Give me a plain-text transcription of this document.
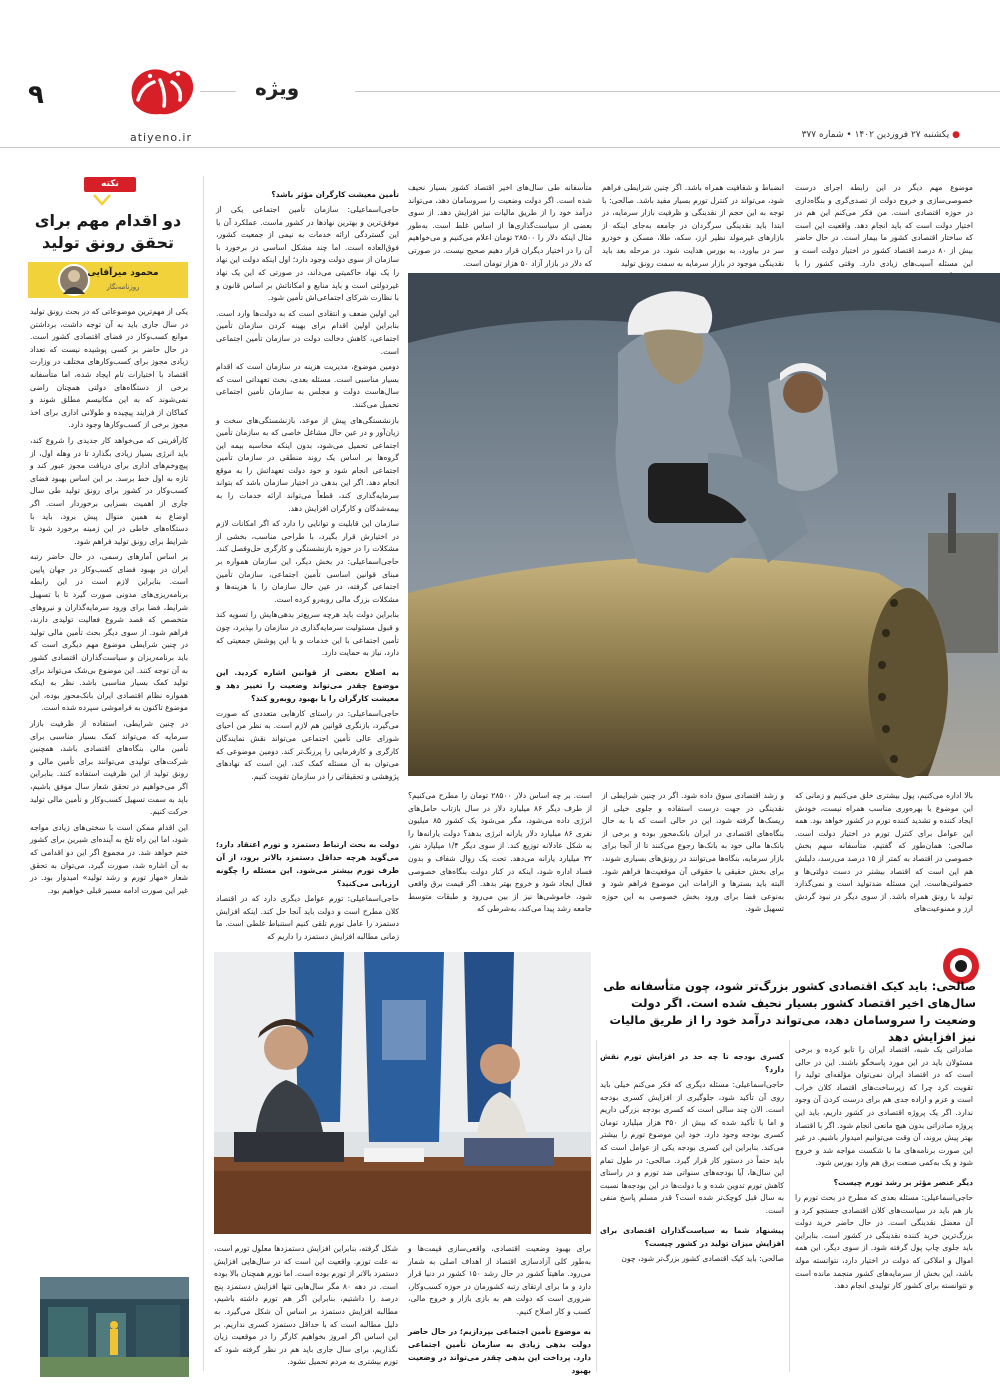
۹
atiyeno.ir
ویژه
● یکشنبه ۲۷ فروردین ۱۴۰۲ • شماره ۳۷۷
نکته
دو اقدام مهم برای تحقق رونق تولید
محمود میرآقایی
روزنامه‌نگار

یکی از مهم‌ترین موضوعاتی که در بحث رونق تولید در سال جاری باید به آن توجه داشت، برداشتن موانع کسب‌وکار در فضای اقتصادی کشور است. در حال حاضر بر کسی پوشیده نیست که تعداد زیادی مجوز برای کسب‌وکارهای مختلف در وزارت اقتصاد با اختیارات تام ایجاد شده، اما متأسفانه برخی از دستگاه‌های دولتی همچنان راضی نمی‌شوند که به این مکانیسم مطلق شوند و کماکان از فرایند پیچیده و طولانی اداری برای اخذ مجوز برخی از کسب‌وکارها وجود دارد.

کارآفرینی که می‌خواهد کار جدیدی را شروع کند، باید انرژی بسیار زیادی بگذارد تا در وهله اول، از پیچ‌وخم‌های اداری برای دریافت مجوز عبور کند و تازه به اول خط برسد. بر این اساس بهبود فضای کسب‌وکار در کشور برای رونق تولید طی سال جاری از اهمیت بسزایی برخوردار است. اگر اوضاع به همین منوال پیش برود، باید با دستگاه‌های خاطی در این زمینه برخورد شود تا شرایط برای رونق تولید فراهم شود.

بر اساس آمارهای رسمی، در حال حاضر رتبه ایران در بهبود فضای کسب‌وکار در جهان پایین است. بنابراین لازم است در این رابطه برنامه‌ریزی‌های مدونی صورت گیرد تا با تسهیل شرایط، فضا برای ورود سرمایه‌گذاران و نیروهای متخصص که قصد شروع فعالیت تولیدی دارند، فراهم شود. از سوی دیگر بحث تأمین مالی تولید در چنین شرایطی موضوع مهم دیگری است که باید برنامه‌ریزان و سیاست‌گذاران اقتصادی کشور به آن توجه کنند. این موضوع بی‌شک می‌تواند برای تولید کمک بسیار مناسبی باشد. نظر به اینکه همواره نظام اقتصادی ایران بانک‌محور بوده، این موضوع تاکنون به فراموشی سپرده شده است.

در چنین شرایطی، استفاده از ظرفیت بازار سرمایه که می‌تواند کمک بسیار مناسبی برای تأمین مالی بنگاه‌های اقتصادی باشد، همچنین شرکت‌های تولیدی می‌توانند برای تأمین مالی و رونق تولید از این ظرفیت استفاده کنند. بنابراین اگر می‌خواهیم در تحقق شعار سال موفق باشیم، باید به سمت تسهیل کسب‌وکار و تأمین مالی تولید حرکت کنیم.

این اقدام ممکن است با سختی‌های زیادی مواجه شود، اما این راه تلخ به آینده‌ای شیرین برای کشور ختم خواهد شد. در مجموع اگر این دو اقدامی که به آن اشاره شد، صورت گیرد، می‌توان به تحقق شعار «مهار تورم و رشد تولید» امیدوار بود. در غیر این صورت ادامه مسیر قبلی خواهیم بود.

موضوع مهم دیگر در این رابطه اجرای درست خصوصی‌سازی و خروج دولت از تصدی‌گری و بنگاه‌داری در حوزه اقتصادی است. من فکر می‌کنم این هم در اختیار دولت است که باید انجام دهد. واقعیت این است که ساختار اقتصادی کشور ما بیمار است. در حال حاضر بیش از ۸۰ درصد اقتصاد کشور در اختیار دولت است و این مسئله آسیب‌های زیادی دارد. وقتی کشور را با

انضباط و شفافیت همراه باشد. اگر چنین شرایطی فراهم شود، می‌تواند در کنترل تورم بسیار مفید باشد. صالحی: با توجه به این حجم از نقدینگی و ظرفیت بازار سرمایه، در ابتدا باید نقدینگی سرگردان در جامعه به‌جای اینکه از بازارهای غیرمولد نظیر ارز، سکه، طلا، مسکن و خودرو سر در بیاورد، به بورس هدایت شود. در مرحله بعد باید نقدینگی موجود در بازار سرمایه به سمت رونق تولید

متأسفانه طی سال‌های اخیر اقتصاد کشور بسیار نحیف شده است. اگر دولت وضعیت را سروسامان دهد، می‌تواند درآمد خود را از طریق مالیات نیز افزایش دهد. از سوی بعضی از سیاست‌گذاری‌ها از اساس غلط است. به‌طور مثال اینکه دلار را ۲۸۵۰۰ تومان اعلام می‌کنیم و می‌خواهیم آن را در اختیار دیگران قرار دهیم صحیح نیست. در صورتی که دلار در بازار آزاد ۵۰ هزار تومان است.

تأمین معیشت کارگران مؤثر باشد؟

حاجی‌اسماعیلی: سازمان تأمین اجتماعی یکی از موفق‌ترین و بهترین نهادها در کشور ماست. عملکرد آن با این گستردگی ارائه خدمات به نیمی از جمعیت کشور، فوق‌العاده است. اما چند مشکل اساسی در برخورد با سازمان از سوی دولت وجود دارد؛ اول اینکه دولت این نهاد را یک نهاد حاکمیتی می‌داند، در صورتی که این یک نهاد غیردولتی است و باید منابع و امکاناتش بر اساس قانون و با نظارت شرکای اجتماعی‌اش تأمین شود.

این اولین ضعف و انتقادی است که به دولت‌ها وارد است. بنابراین اولین اقدام برای بهینه کردن سازمان تأمین اجتماعی، کاهش دخالت دولت در سازمان تأمین اجتماعی است.

دومین موضوع، مدیریت هزینه در سازمان است که اقدام بسیار مناسبی است. مسئله بعدی، بحث تعهداتی است که سال‌هاست دولت و مجلس به سازمان تأمین اجتماعی تحمیل می‌کنند.

بازنشستگی‌های پیش از موعد، بازنشستگی‌های سخت و زیان‌آور و در عین حال مشاغل خاصی که به سازمان تأمین اجتماعی تحمیل می‌شود، بدون اینکه محاسبه بیمه این گروه‌ها بر اساس یک روند منطقی در سازمان تأمین اجتماعی انجام شود و خود دولت تعهداتش را به موقع انجام دهد. اگر این بدهی در اختیار سازمان باشد که بتواند سرمایه‌گذاری کند، قطعاً می‌تواند ارائه خدمات را به بیمه‌شدگان و کارگران افزایش دهد.

سازمان این قابلیت و توانایی را دارد که اگر امکانات لازم در اختیارش قرار بگیرد، با طراحی مناسب، بخشی از مشکلات را در حوزه بازنشستگی و کارگری حل‌وفصل کند. حاجی‌اسماعیلی: در بخش دیگر، این سازمان همواره بر مبنای قوانین اساسی تأمین اجتماعی، سازمان تأمین اجتماعی گرفته، در عین حال سازمان را با هزینه‌ها و مشکلات بزرگ مالی روبه‌رو کرده است.

بنابراین دولت باید هرچه سریع‌تر بدهی‌هایش را تسویه کند و قبول مسئولیت سرمایه‌گذاری در سازمان را بپذیرد، چون تأمین اجتماعی با این خدمات و با این پوشش جمعیتی که دارد، نیاز به حمایت دارد.

به اصلاح بعضی از قوانین اشاره کردید. این موضوع چقدر می‌تواند وضعیت را تغییر دهد و معیشت کارگران را با بهبود روبه‌رو کند؟

حاجی‌اسماعیلی: در راستای کارهایی متعددی که صورت می‌گیرد، بازنگری قوانین هم لازم است. به نظر من احیای شورای عالی تأمین اجتماعی می‌تواند نقش نمایندگان کارگری و کارفرمایی را پررنگ‌تر کند. دومین موضوعی که می‌توان به آن مسئله کمک کند، این است که نهادهای پژوهشی و تحقیقاتی را در سازمان تقویت کنیم.

دولت به بحث ارتباط دستمزد و تورم اعتقاد دارد؛ می‌گوید هرچه حداقل دستمزد بالاتر برود، از آن طرف تورم بیشتر می‌شود. این مسئله را چگونه ارزیابی می‌کنید؟

حاجی‌اسماعیلی: تورم عوامل دیگری دارد که در اقتصاد کلان مطرح است و دولت باید آنجا حل کند. اینکه افزایش دستمزد را عامل تورم تلقی کنیم استنباط غلطی است. ما زمانی مطالبه افزایش دستمزد را داریم که

بالا اداره می‌کنیم، پول بیشتری خلق می‌کنیم و زمانی که این موضوع با بهره‌وری مناسب همراه نیست، خودش ایجاد کننده و تشدید کننده تورم در کشور خواهد بود. همه این عوامل برای کنترل تورم در اختیار دولت است. صالحی: همان‌طور که گفتیم، متأسفانه سهم بخش خصوصی در اقتصاد به کمتر از ۱۵ درصد می‌رسد، دلیلش هم این است که اقتصاد بیشتر در دست دولتی‌ها و خصولتی‌هاست. این مسئله ضدتولید است و نمی‌گذارد تولید با رونق همراه باشد. از سوی دیگر در نبود گردش ارز و ممنوعیت‌های

و رشد اقتصادی سوق داده شود. اگر در چنین شرایطی از نقدینگی در جهت درست استفاده و جلوی خیلی از ریسک‌ها گرفته شود، این در حالی است که با به حال بنگاه‌های اقتصادی در ایران بانک‌محور بوده و برخی از بانک‌ها مالی خود به بانک‌ها رجوع می‌کنند تا از آنجا برای بازار سرمایه، بنگاه‌ها می‌توانند در رونق‌های بسیاری شوند، برای بخش حقیقی یا حقوقی آن موقعیت‌ها فراهم شود. البته باید بستر‌ها و الزامات این موضوع فراهم شود و به‌نوعی فضا برای ورود بخش خصوصی به این حوزه تسهیل شود.

است. بر چه اساس دلار ۲۸۵۰۰ تومان را مطرح می‌کنیم؟ از طرف دیگر ۸۶ میلیارد دلار در سال بازتاب حامل‌های انرژی داده می‌شود، مگر می‌شود یک کشور ۸۵ میلیون نفری ۸۶ میلیارد دلار یارانه انرژی بدهد؟ دولت یارانه‌ها را به شکل عادلانه توزیع کند. از سوی دیگر ۱/۴ میلیارد نفر، ۳۲ میلیارد یارانه می‌دهد. تحت یک روال شفاف و بدون فساد اداره شود، اینکه در کنار دولت بنگاه‌های خصوصی فعال ایجاد شود و خروج بهتر بدهد. اگر قیمت برق واقعی شود، خاموشی‌ها نیز از بین می‌رود و طبقات متوسط جامعه رشد پیدا می‌کند، به‌شرطی که

صالحی: باید کیک اقتصادی کشور بزرگ‌تر شود، چون متأسفانه طی سال‌های اخیر اقتصاد کشور بسیار نحیف شده است. اگر دولت وضعیت را سروسامان دهد، می‌تواند درآمد خود را از طریق مالیات نیز افزایش دهد

صادراتی یک شبه، اقتصاد ایران را تابو کرده و برخی مسئولان باید در این مورد پاسخگو باشند. این در حالی است که در اقتصاد ایران نمی‌توان مؤلفه‌ای تولید را تقویت کرد چرا که زیرساخت‌های اقتصاد کلان خراب است و عزم و اراده جدی هم برای درست کردن آن وجود ندارد. اگر یک پروژه اقتصادی در کشور داریم، باید این پروژه صادراتی بدون هیچ مانعی انجام شود. اگر با اقتصاد بهتر پیش بروند، آن وقت می‌توانیم امیدوار باشیم. در غیر این صورت برنامه‌های ما با شکست مواجه شد و خروج شود و یک به‌کمی صنعت برق هم وارد بورس شود.

دیگر عنصر مؤثر بر رشد تورم چیست؟

حاجی‌اسماعیلی: مسئله بعدی که مطرح در بحث تورم را باز هم باید در سیاست‌های کلان اقتصادی جستجو کرد و آن معضل نقدینگی است. در حال حاضر خرید دولت بزرگ‌ترین خرید کننده نقدینگی در کشور است. بنابراین باید جلوی چاپ پول گرفته شود. از سوی دیگر، این همه اموال و املاکی که دولت در اختیار دارد، نتوانسته مولد باشد، این بخش از سرمایه‌های کشور منجمد مانده است و نتوانسته برای کشور کار تولیدی انجام دهد.

کسری بودجه تا چه حد در افزایش تورم نقش دارد؟

حاجی‌اسماعیلی: مسئله دیگری که فکر می‌کنم خیلی باید روی آن تأکید شود، جلوگیری از افزایش کسری بودجه است. الان چند سالی است که کسری بودجه بزرگی داریم و اما با تأکید شده که بیش از ۳۵۰ هزار میلیارد تومان کسری بودجه وجود دارد. خود این موضوع تورم را بیشتر می‌کند. بنابراین این کسری بودجه یکی از عوامل است که باید حتماً در دستور کار قرار گیرد. صالحی: در طول تمام این سال‌ها، آیا بودجه‌های سنواتی ضد تورم و در راستای کاهش تورم تدوین شده و با دولت‌ها در این بودجه‌ها نسبت به سال قبل کوچک‌تر شده است؟ قدر مسلم پاسخ منفی است.

پیشنهاد شما به سیاست‌گذاران اقتصادی برای افزایش میزان تولید در کشور چیست؟

صالحی: باید کیک اقتصادی کشور بزرگ‌تر شود، چون

برای بهبود وضعیت اقتصادی، واقعی‌سازی قیمت‌ها و به‌طور کلی آزادسازی اقتصاد از اهداف اصلی به شمار می‌رود. ماهیتاً کشور در حال رشد ۱۵۰ کشور در دنیا قرار دارد و ما برای ارتقای رتبه کشورمان در حوزه کسب‌وکار، ضروری است که دولت هم به بازی بازار و خروج مالی، کسب و کار اصلاح کنیم.

به موضوع تأمین اجتماعی بپردازیم؛ در حال حاضر دولت بدهی زیادی به سازمان تأمین اجتماعی دارد. پرداخت این بدهی چقدر می‌تواند در وضعیت بهبود

شکل گرفته، بنابراین افزایش دستمزدها معلول تورم است، نه علت تورم. واقعیت این است که در سال‌هایی افزایش دستمزد بالاتر از تورم بوده است. اما تورم همچنان بالا بوده است. در دهه ۸۰ مگر سال‌هایی تنها افزایش دستمزد پنج درصد را داشتیم، بنابراین اگر هم تورم داشته باشیم، مطالبه افزایش دستمزد بر اساس آن شکل می‌گیرد. به دلیل مطالبه است که با حداقل دستمزد کسری نداریم. بر این اساس اگر امروز بخواهیم کارگر را در موقعیت زیان نگذاریم، برای سال جاری باید هم در نظر گرفته شود که تورم بیشتری به مردم تحمیل نشود.
